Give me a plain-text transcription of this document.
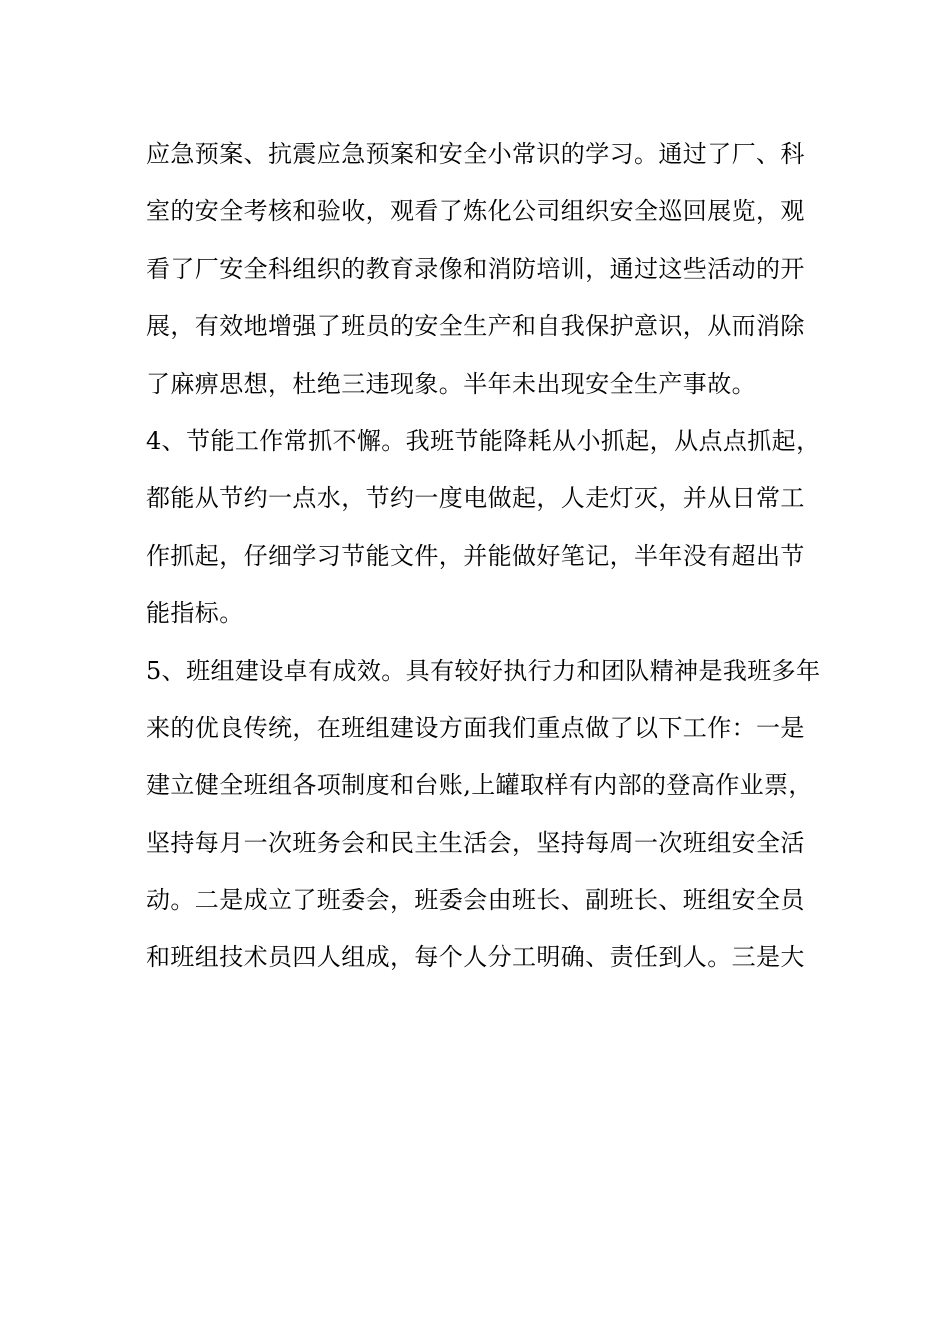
应急预案、抗震应急预案和安全小常识的学习。通过了厂、科
室的安全考核和验收，观看了炼化公司组织安全巡回展览，观
看了厂安全科组织的教育录像和消防培训，通过这些活动的开
展，有效地增强了班员的安全生产和自我保护意识，从而消除
了麻痹思想，杜绝三违现象。半年未出现安全生产事故。
4、节能工作常抓不懈。我班节能降耗从小抓起，从点点抓起，
都能从节约一点水，节约一度电做起，人走灯灭，并从日常工
作抓起，仔细学习节能文件，并能做好笔记，半年没有超出节
能指标。
5、班组建设卓有成效。具有较好执行力和团队精神是我班多年
来的优良传统，在班组建设方面我们重点做了以下工作：一是
建立健全班组各项制度和台账,上罐取样有内部的登高作业票，
坚持每月一次班务会和民主生活会，坚持每周一次班组安全活
动。二是成立了班委会，班委会由班长、副班长、班组安全员
和班组技术员四人组成，每个人分工明确、责任到人。三是大
